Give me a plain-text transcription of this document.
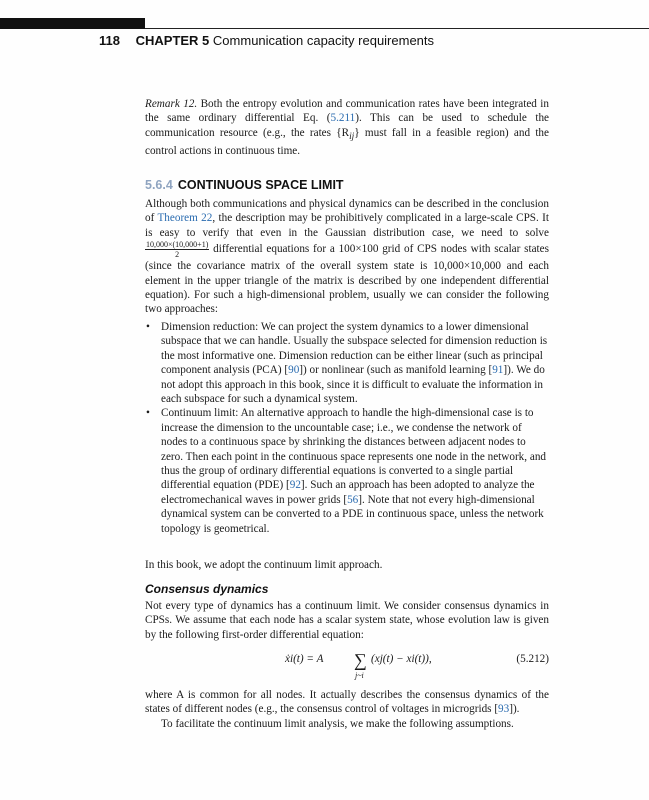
118 CHAPTER 5 Communication capacity requirements
Remark 12. Both the entropy evolution and communication rates have been integrated in the same ordinary differential Eq. (5.211). This can be used to schedule the communication resource (e.g., the rates $\{R_{ij}\}$ must fall in a feasible region) and the control actions in continuous time.
5.6.4 CONTINUOUS SPACE LIMIT
Although both communications and physical dynamics can be described in the conclusion of Theorem 22, the description may be prohibitively complicated in a large-scale CPS. It is easy to verify that even in the Gaussian distribution case, we need to solve
$\frac{10,000\times(10,000+1)}{2}$ differential equations for a 100×100 grid of CPS nodes with scalar states (since the covariance matrix of the overall system state is 10,000×10,000 and each element in the upper triangle of the matrix is described by one independent differential equation). For such a high-dimensional problem, usually we can consider the following two approaches:
• Dimension reduction: We can project the system dynamics to a lower dimensional subspace that we can handle. Usually the subspace selected for dimension reduction is the most informative one. Dimension reduction can be either linear (such as principal component analysis (PCA) [90]) or nonlinear (such as manifold learning [91]). We do not adopt this approach in this book, since it is difficult to evaluate the information in each subspace for such a dynamical system.
• Continuum limit: An alternative approach to handle the high-dimensional case is to increase the dimension to the uncountable case; i.e., we condense the network of nodes to a continuous space by shrinking the distances between adjacent nodes to zero. Then each point in the continuous space represents one node in the network, and thus the group of ordinary differential equations is converted to a single partial differential equation (PDE) [92]. Such an approach has been adopted to analyze the electromechanical waves in power grids [56]. Note that not every high-dimensional dynamical system can be converted to a PDE in continuous space, unless the network topology is geometrical.
In this book, we adopt the continuum limit approach.
Consensus dynamics
Not every type of dynamics has a continuum limit. We consider consensus dynamics in CPSs. We assume that each node has a scalar system state, whose evolution law is given by the following first-order differential equation:
ẋi(t) = A ∑
j~i
(xj(t) − xi(t)),	(5.212)
where A is common for all nodes. It actually describes the consensus dynamics of the states of different nodes (e.g., the consensus control of voltages in microgrids [93]).
To facilitate the continuum limit analysis, we make the following assumptions.
